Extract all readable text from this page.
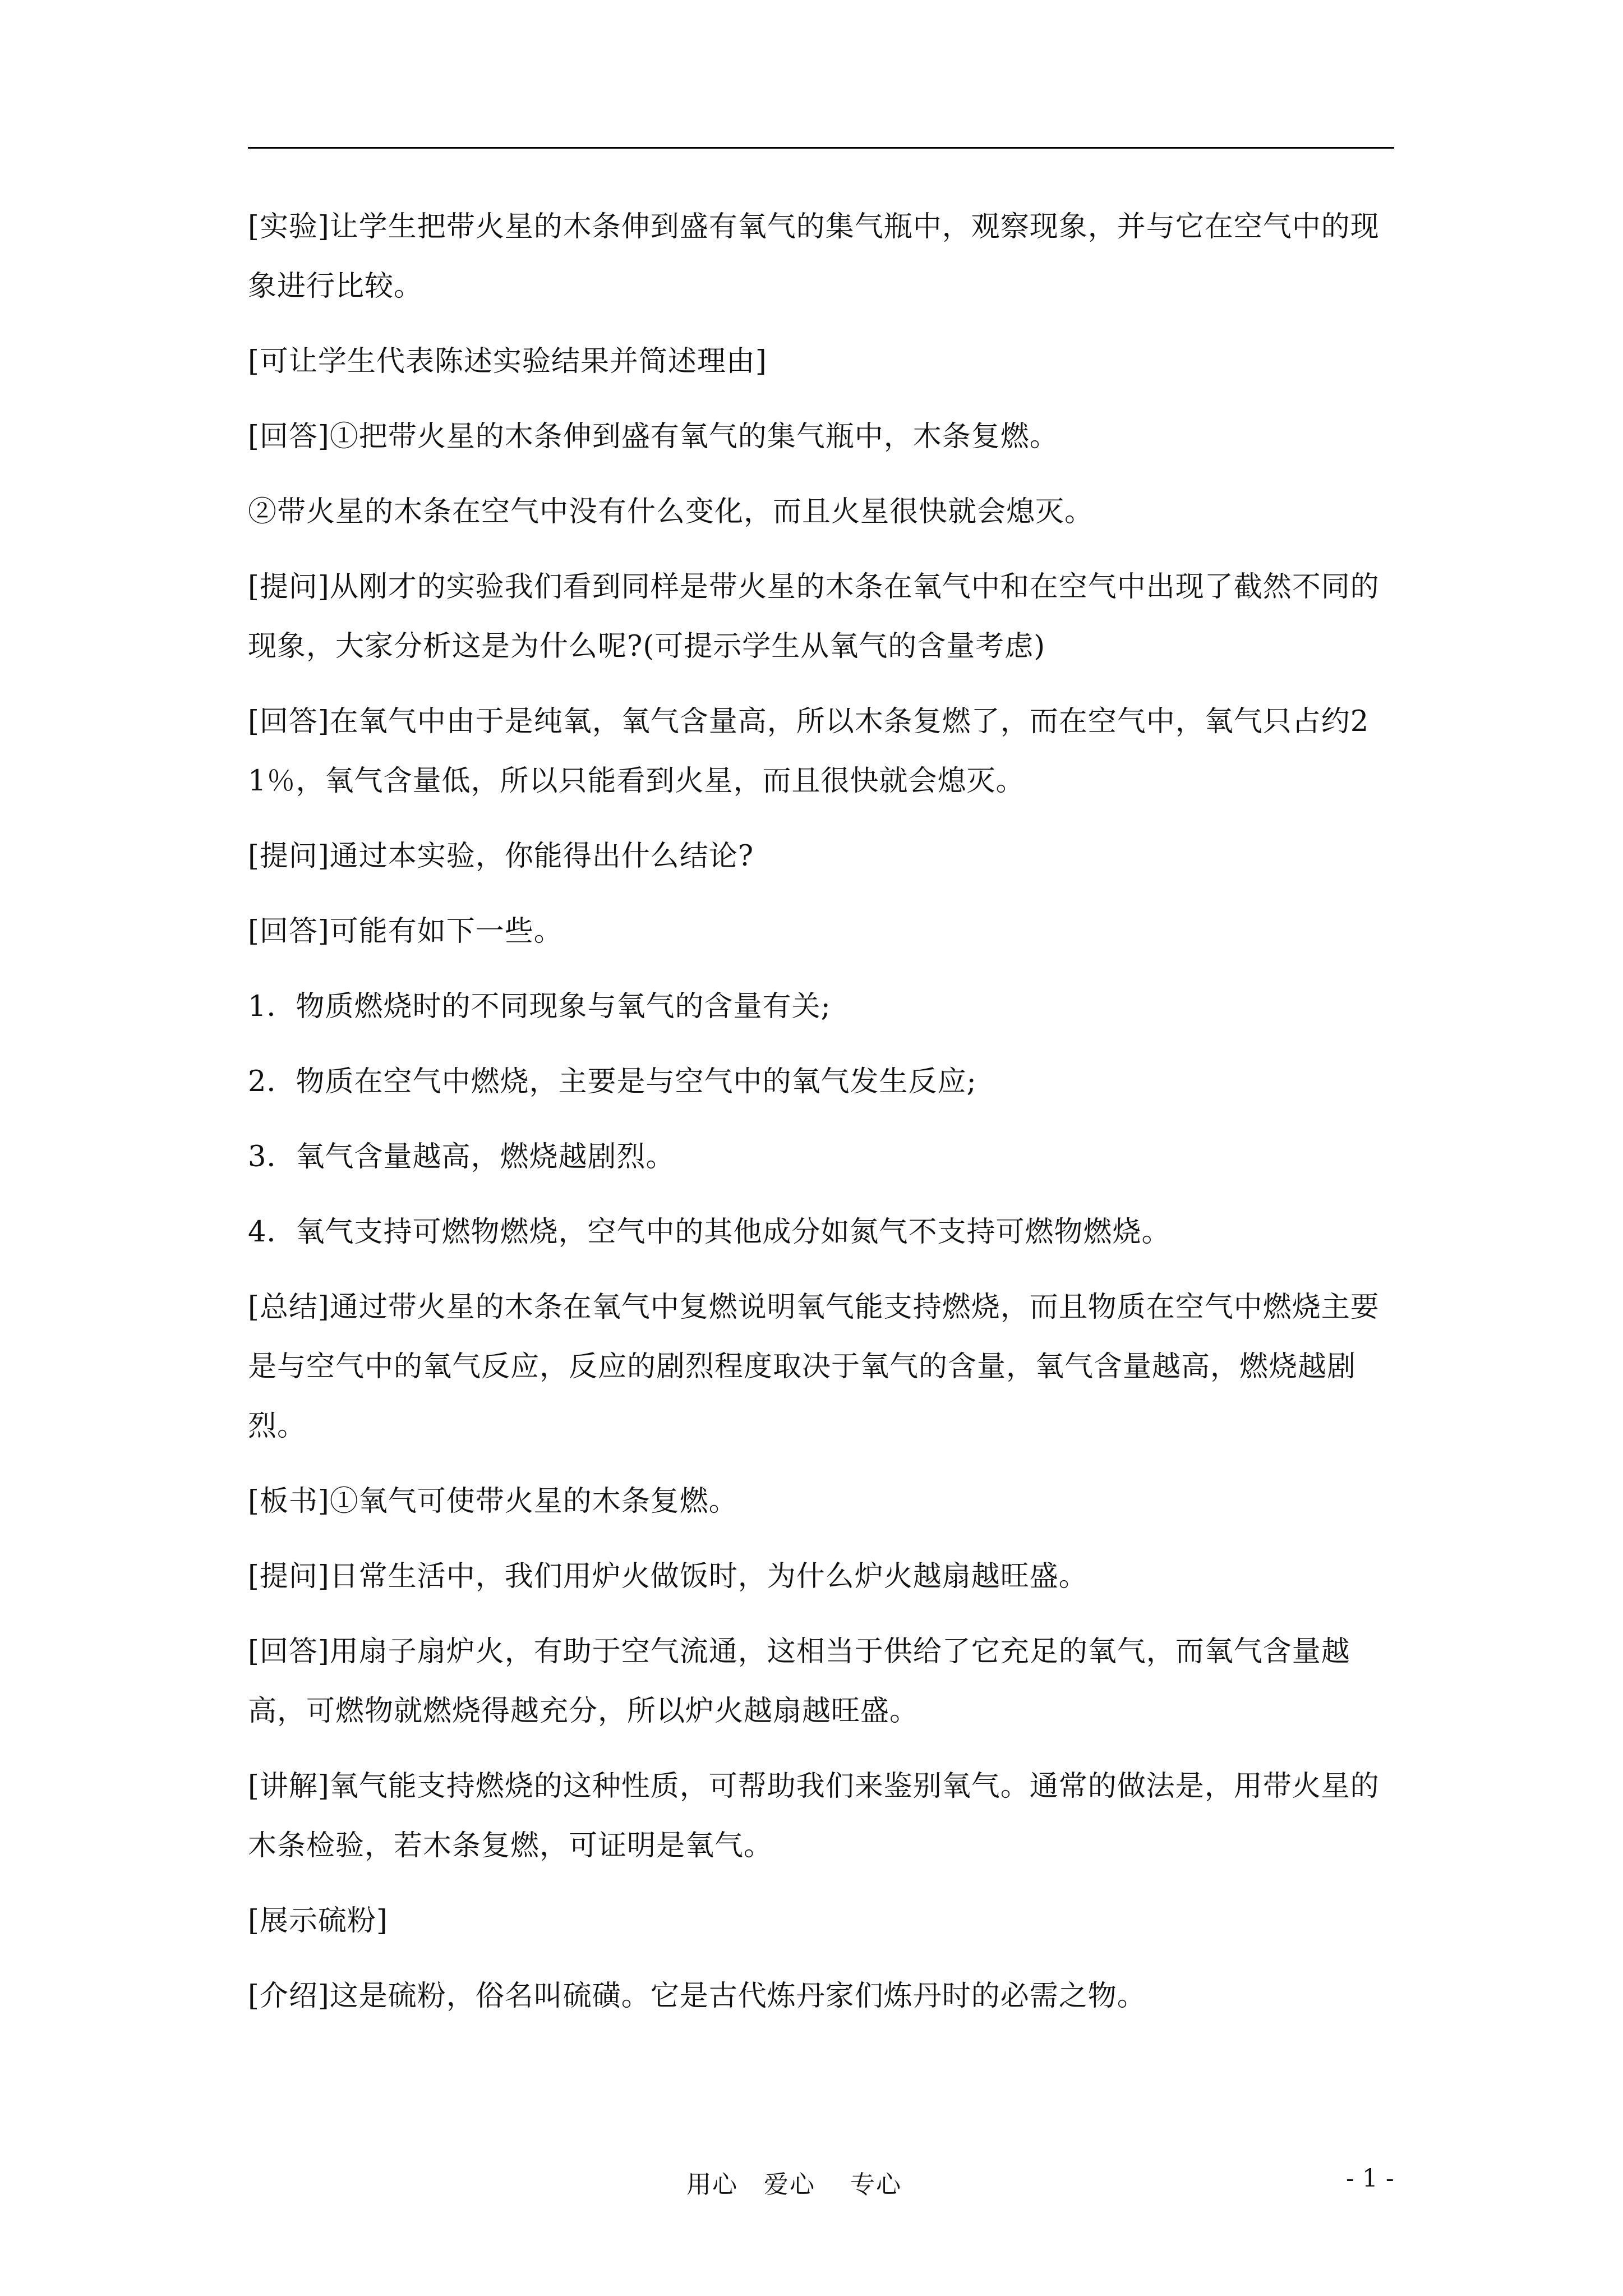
[实验]让学生把带火星的木条伸到盛有氧气的集气瓶中，观察现象，并与它在空气中的现象进行比较。

[可让学生代表陈述实验结果并简述理由]

[回答]①把带火星的木条伸到盛有氧气的集气瓶中，木条复燃。

②带火星的木条在空气中没有什么变化，而且火星很快就会熄灭。

[提问]从刚才的实验我们看到同样是带火星的木条在氧气中和在空气中出现了截然不同的现象，大家分析这是为什么呢?(可提示学生从氧气的含量考虑)

[回答]在氧气中由于是纯氧，氧气含量高，所以木条复燃了，而在空气中，氧气只占约21％，氧气含量低，所以只能看到火星，而且很快就会熄灭。

[提问]通过本实验，你能得出什么结论?

[回答]可能有如下一些。

1．物质燃烧时的不同现象与氧气的含量有关;

2．物质在空气中燃烧，主要是与空气中的氧气发生反应;

3．氧气含量越高，燃烧越剧烈。

4．氧气支持可燃物燃烧，空气中的其他成分如氮气不支持可燃物燃烧。

[总结]通过带火星的木条在氧气中复燃说明氧气能支持燃烧，而且物质在空气中燃烧主要是与空气中的氧气反应，反应的剧烈程度取决于氧气的含量，氧气含量越高，燃烧越剧烈。

[板书]①氧气可使带火星的木条复燃。

[提问]日常生活中，我们用炉火做饭时，为什么炉火越扇越旺盛。

[回答]用扇子扇炉火，有助于空气流通，这相当于供给了它充足的氧气，而氧气含量越高，可燃物就燃烧得越充分，所以炉火越扇越旺盛。

[讲解]氧气能支持燃烧的这种性质，可帮助我们来鉴别氧气。通常的做法是，用带火星的木条检验，若木条复燃，可证明是氧气。

[展示硫粉]

[介绍]这是硫粉，俗名叫硫磺。它是古代炼丹家们炼丹时的必需之物。

用心　爱心　 专心	- 1 -
